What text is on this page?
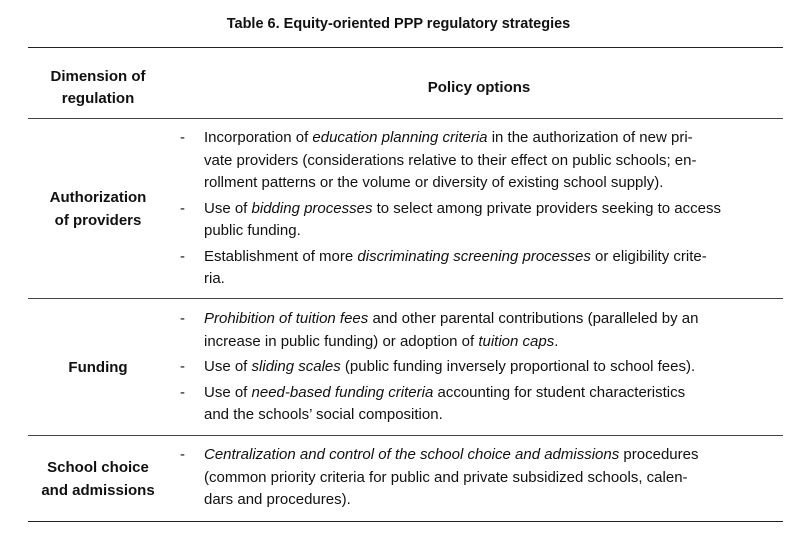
Table 6. Equity-oriented PPP regulatory strategies
Dimension of
regulation
Policy options
Authorization
of providers
- Incorporation of education planning criteria in the authorization of new pri-
vate providers (considerations relative to their effect on public schools; en-
rollment patterns or the volume or diversity of existing school supply).
- Use of bidding processes to select among private providers seeking to access
public funding.
- Establishment of more discriminating screening processes or eligibility crite-
ria.
Funding
- Prohibition of tuition fees and other parental contributions (paralleled by an
increase in public funding) or adoption of tuition caps.
- Use of sliding scales (public funding inversely proportional to school fees).
- Use of need-based funding criteria accounting for student characteristics
and the schools’ social composition.
School choice
and admissions
- Centralization and control of the school choice and admissions procedures
(common priority criteria for public and private subsidized schools, calen-
dars and procedures).
